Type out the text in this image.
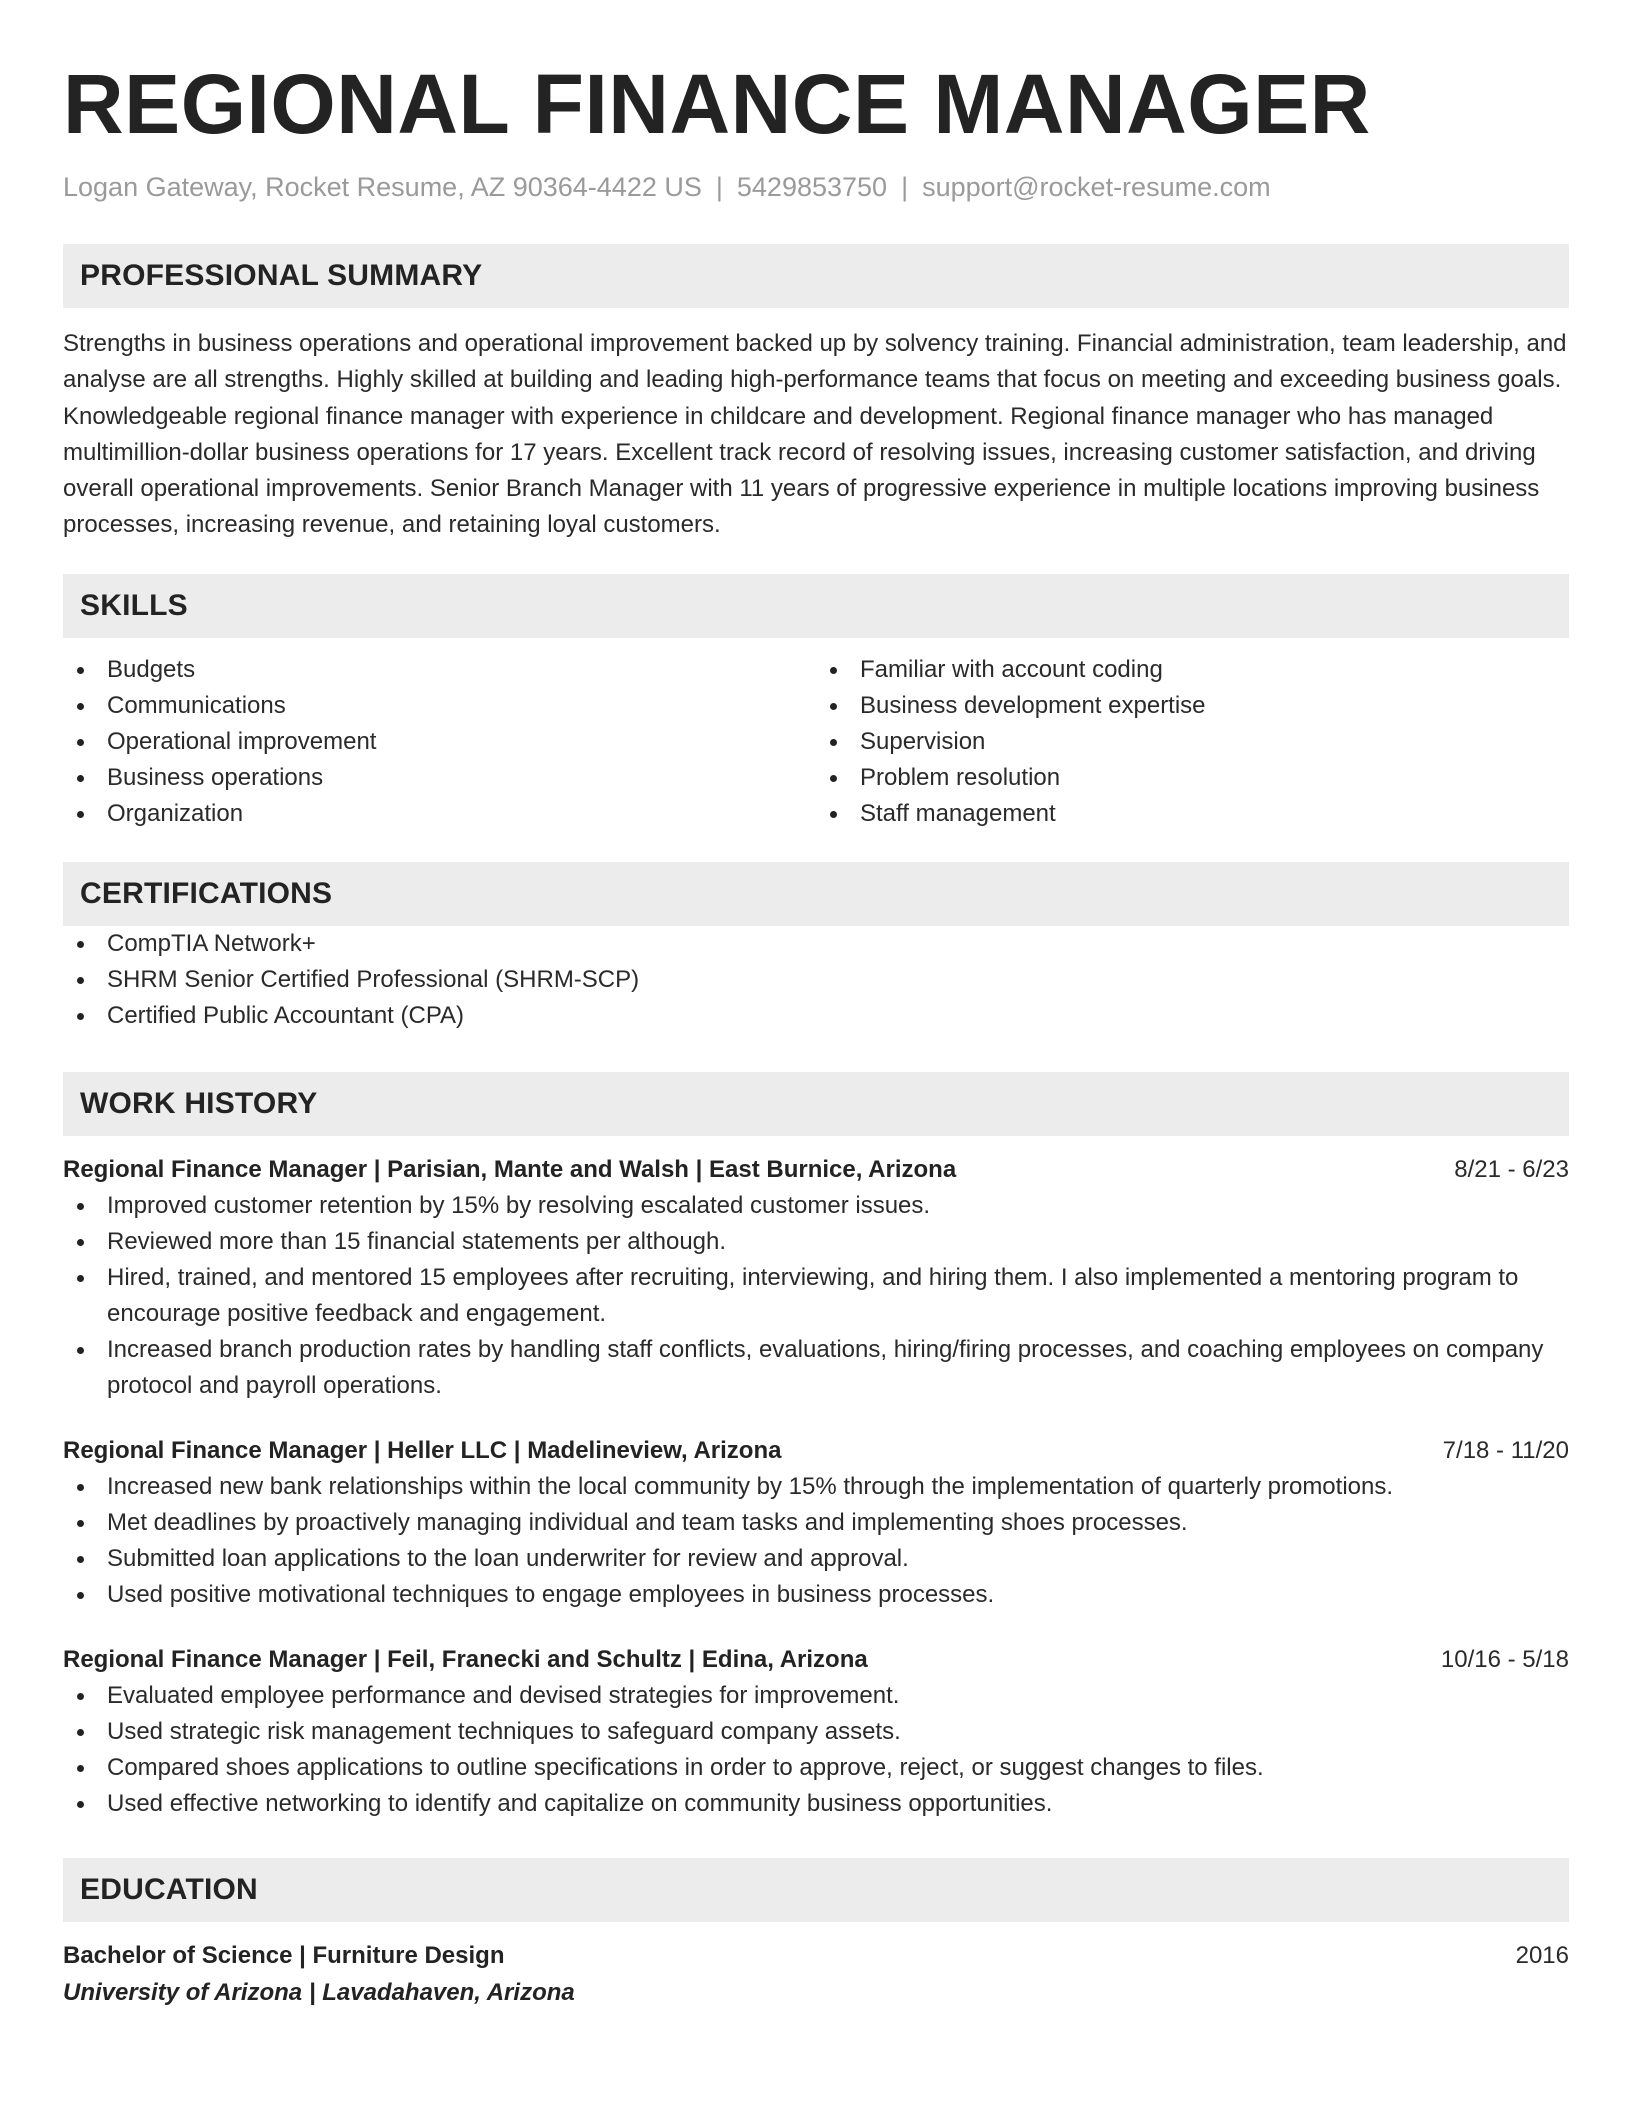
REGIONAL FINANCE MANAGER
Logan Gateway, Rocket Resume, AZ 90364-4422 US | 5429853750 | support@rocket-resume.com
PROFESSIONAL SUMMARY

Strengths in business operations and operational improvement backed up by solvency training. Financial administration, team leadership, and analyse are all strengths. Highly skilled at building and leading high-performance teams that focus on meeting and exceeding business goals. Knowledgeable regional finance manager with experience in childcare and development. Regional finance manager who has managed multimillion-dollar business operations for 17 years. Excellent track record of resolving issues, increasing customer satisfaction, and driving overall operational improvements. Senior Branch Manager with 11 years of progressive experience in multiple locations improving business processes, increasing revenue, and retaining loyal customers.

SKILLS
Budgets
Communications
Operational improvement
Business operations
Organization
Familiar with account coding
Business development expertise
Supervision
Problem resolution
Staff management
CERTIFICATIONS
CompTIA Network+
SHRM Senior Certified Professional (SHRM-SCP)
Certified Public Accountant (CPA)
WORK HISTORY
Regional Finance Manager | Parisian, Mante and Walsh | East Burnice, Arizona	8/21 - 6/23
Improved customer retention by 15% by resolving escalated customer issues.
Reviewed more than 15 financial statements per although.
Hired, trained, and mentored 15 employees after recruiting, interviewing, and hiring them. I also implemented a mentoring program to encourage positive feedback and engagement.
Increased branch production rates by handling staff conflicts, evaluations, hiring/firing processes, and coaching employees on company protocol and payroll operations.
Regional Finance Manager | Heller LLC | Madelineview, Arizona	7/18 - 11/20
Increased new bank relationships within the local community by 15% through the implementation of quarterly promotions.
Met deadlines by proactively managing individual and team tasks and implementing shoes processes.
Submitted loan applications to the loan underwriter for review and approval.
Used positive motivational techniques to engage employees in business processes.
Regional Finance Manager | Feil, Franecki and Schultz | Edina, Arizona	10/16 - 5/18
Evaluated employee performance and devised strategies for improvement.
Used strategic risk management techniques to safeguard company assets.
Compared shoes applications to outline specifications in order to approve, reject, or suggest changes to files.
Used effective networking to identify and capitalize on community business opportunities.
EDUCATION
Bachelor of Science | Furniture Design	2016
University of Arizona | Lavadahaven, Arizona
